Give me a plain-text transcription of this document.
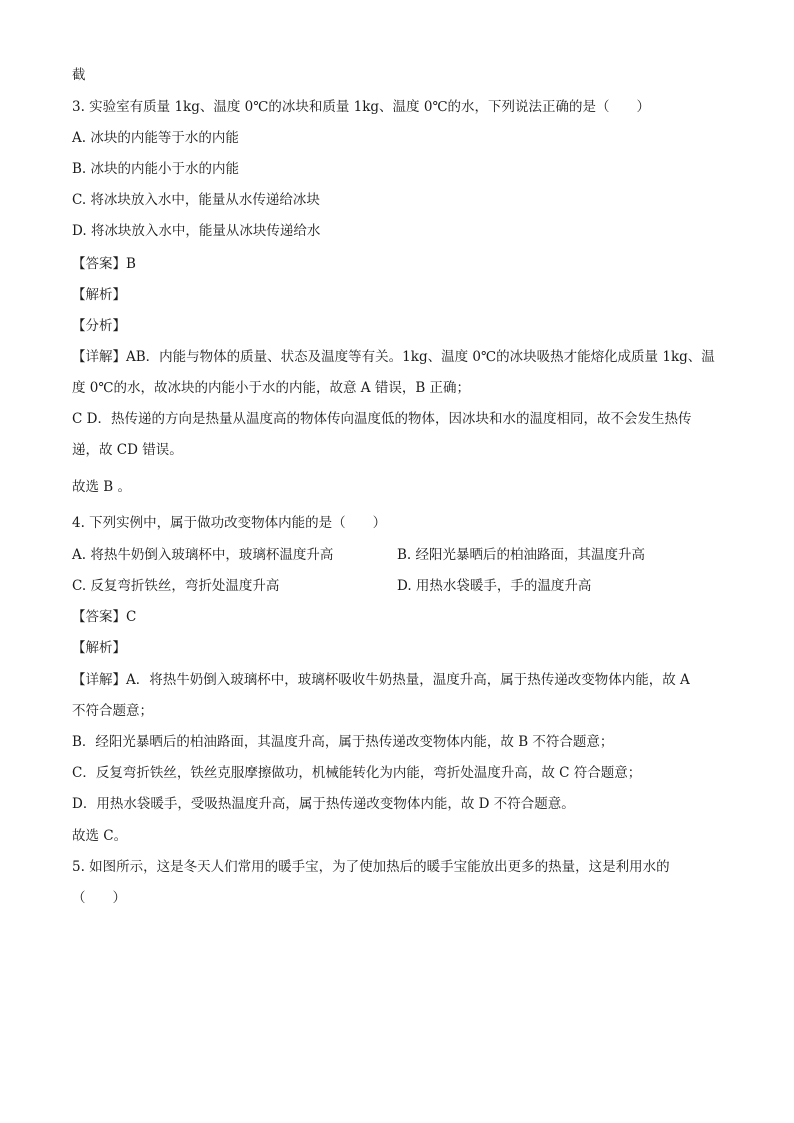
截
3. 实验室有质量 1kg、温度 0℃的冰块和质量 1kg、温度 0℃的水，下列说法正确的是（　　）
A. 冰块的内能等于水的内能
B. 冰块的内能小于水的内能
C. 将冰块放入水中，能量从水传递给冰块
D. 将冰块放入水中，能量从冰块传递给水
【答案】B
【解析】
【分析】
【详解】AB．内能与物体的质量、状态及温度等有关。1kg、温度 0℃的冰块吸热才能熔化成质量 1kg、温
度 0℃的水，故冰块的内能小于水的内能，故意 A 错误，B 正确；
C D．热传递的方向是热量从温度高的物体传向温度低的物体，因冰块和水的温度相同，故不会发生热传
递，故 CD 错误。
故选 B 。
4. 下列实例中，属于做功改变物体内能的是（　　）
A. 将热牛奶倒入玻璃杯中，玻璃杯温度升高	B. 经阳光暴晒后的柏油路面，其温度升高
C. 反复弯折铁丝，弯折处温度升高	D. 用热水袋暖手，手的温度升高
【答案】C
【解析】
【详解】A．将热牛奶倒入玻璃杯中，玻璃杯吸收牛奶热量，温度升高，属于热传递改变物体内能，故 A
不符合题意；
B．经阳光暴晒后的柏油路面，其温度升高，属于热传递改变物体内能，故 B 不符合题意；
C．反复弯折铁丝，铁丝克服摩擦做功，机械能转化为内能，弯折处温度升高，故 C 符合题意；
D．用热水袋暖手，受吸热温度升高，属于热传递改变物体内能，故 D 不符合题意。
故选 C。
5. 如图所示，这是冬天人们常用的暖手宝，为了使加热后的暖手宝能放出更多的热量，这是利用水的
（　　）
